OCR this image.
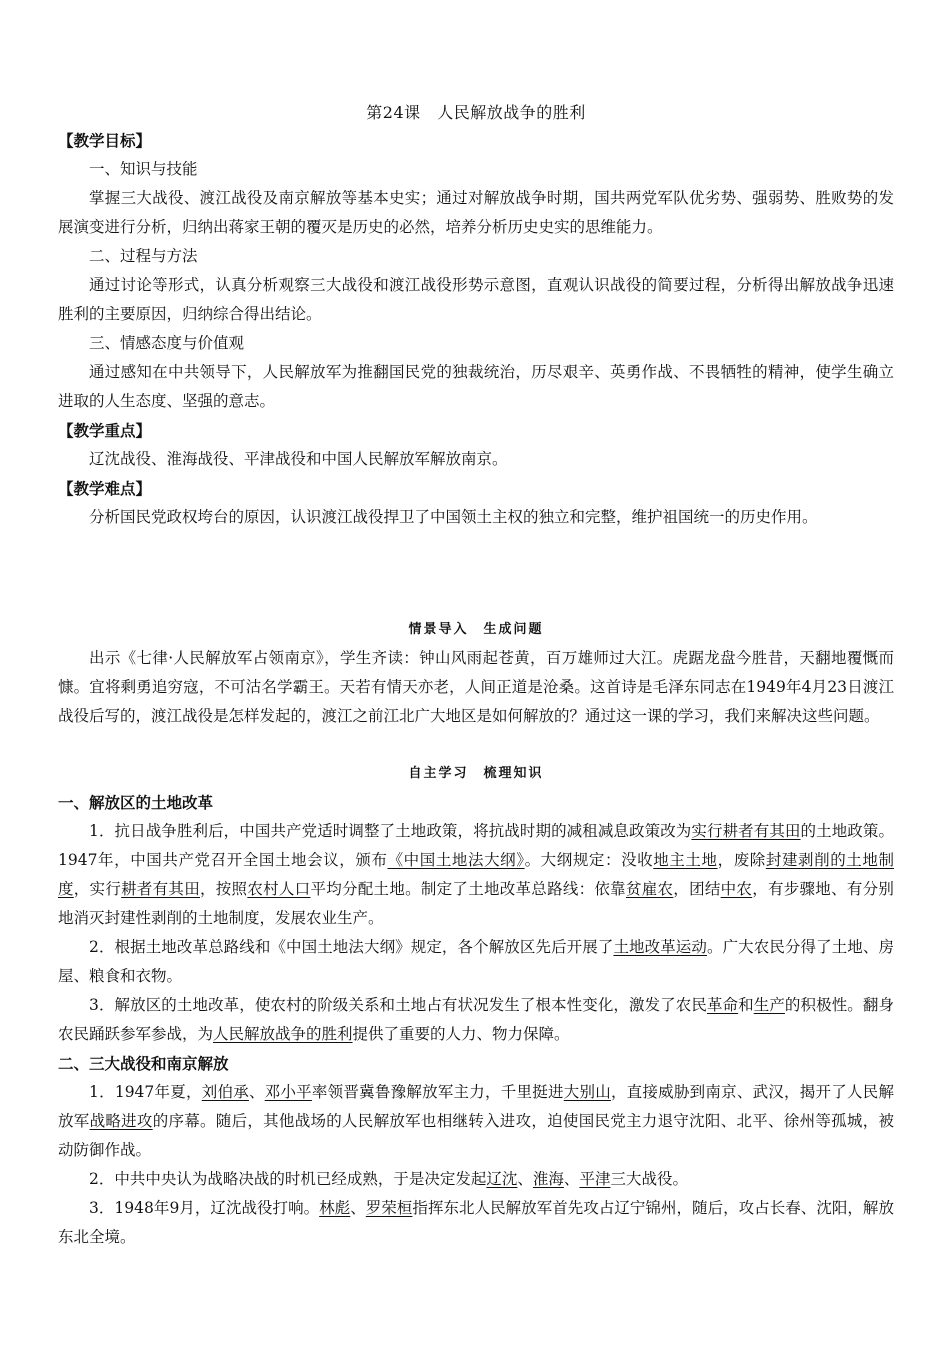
第24课　 人民解放战争的胜利
【教学目标】
一、知识与技能
掌握三大战役、渡江战役及南京解放等基本史实；通过对解放战争时期，国共两党军队优劣势、强弱势、胜败势的发展演变进行分析，归纳出蒋家王朝的覆灭是历史的必然，培养分析历史史实的思维能力。
二、过程与方法
通过讨论等形式，认真分析观察三大战役和渡江战役形势示意图，直观认识战役的简要过程，分析得出解放战争迅速胜利的主要原因，归纳综合得出结论。
三、情感态度与价值观
通过感知在中共领导下，人民解放军为推翻国民党的独裁统治，历尽艰辛、英勇作战、不畏牺牲的精神，使学生确立进取的人生态度、坚强的意志。
【教学重点】
辽沈战役、淮海战役、平津战役和中国人民解放军解放南京。
【教学难点】
分析国民党政权垮台的原因，认识渡江战役捍卫了中国领土主权的独立和完整，维护祖国统一的历史作用。
情景导入　生成问题
出示《七律·人民解放军占领南京》，学生齐读：钟山风雨起苍黄，百万雄师过大江。虎踞龙盘今胜昔，天翻地覆慨而慷。宜将剩勇追穷寇，不可沽名学霸王。天若有情天亦老，人间正道是沧桑。这首诗是毛泽东同志在1949年4月23日渡江战役后写的，渡江战役是怎样发起的，渡江之前江北广大地区是如何解放的？通过这一课的学习，我们来解决这些问题。
自主学习　梳理知识
一、解放区的土地改革
1．抗日战争胜利后，中国共产党适时调整了土地政策，将抗战时期的减租减息政策改为实行耕者有其田的土地政策。1947年，中国共产党召开全国土地会议，颁布《中国土地法大纲》。大纲规定：没收地主土地，废除封建剥削的土地制度，实行耕者有其田，按照农村人口平均分配土地。制定了土地改革总路线：依靠贫雇农，团结中农，有步骤地、有分别地消灭封建性剥削的土地制度，发展农业生产。
2．根据土地改革总路线和《中国土地法大纲》规定，各个解放区先后开展了土地改革运动。广大农民分得了土地、房屋、粮食和衣物。
3．解放区的土地改革，使农村的阶级关系和土地占有状况发生了根本性变化，激发了农民革命和生产的积极性。翻身农民踊跃参军参战，为人民解放战争的胜利提供了重要的人力、物力保障。
二、三大战役和南京解放
1．1947年夏，刘伯承、邓小平率领晋冀鲁豫解放军主力，千里挺进大别山，直接威胁到南京、武汉，揭开了人民解放军战略进攻的序幕。随后，其他战场的人民解放军也相继转入进攻，迫使国民党主力退守沈阳、北平、徐州等孤城，被动防御作战。
2．中共中央认为战略决战的时机已经成熟，于是决定发起辽沈、淮海、平津三大战役。
3．1948年9月，辽沈战役打响。林彪、罗荣桓指挥东北人民解放军首先攻占辽宁锦州，随后，攻占长春、沈阳，解放东北全境。
